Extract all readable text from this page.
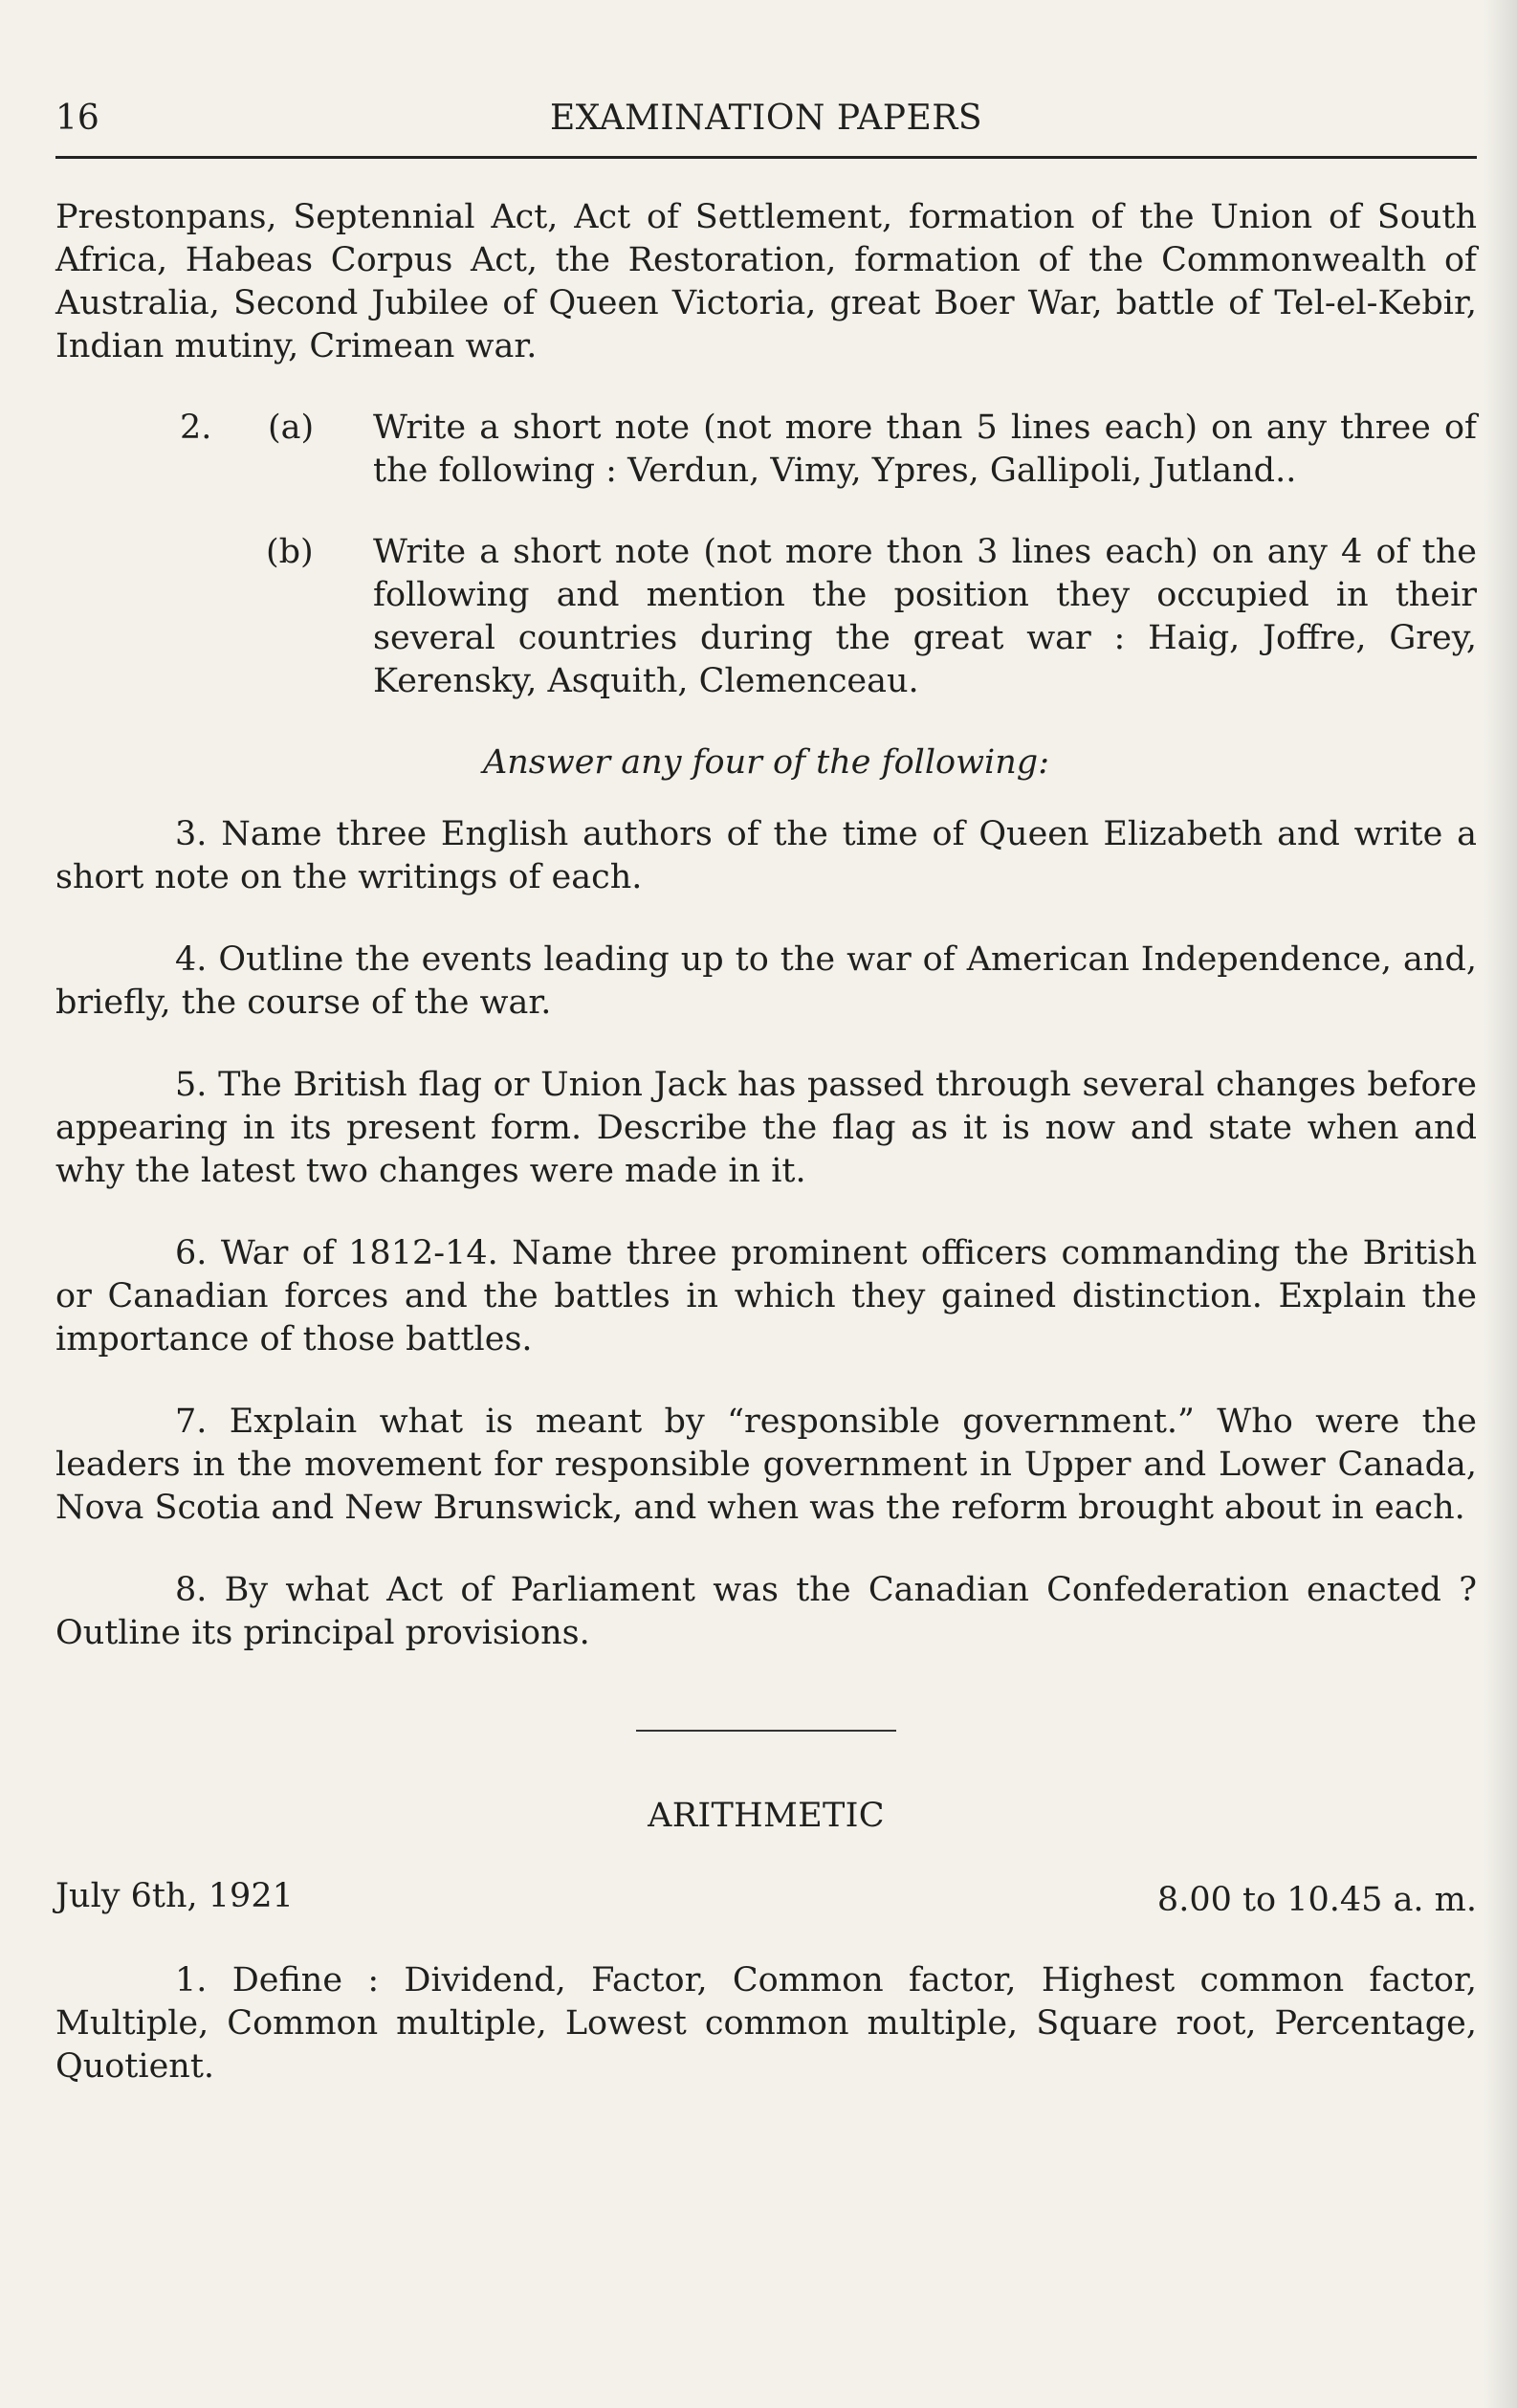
16	EXAMINATION PAPERS

Prestonpans, Septennial Act, Act of Settlement, formation of the Union of South Africa, Habeas Corpus Act, the Restoration, formation of the Commonwealth of Australia, Second Jubilee of Queen Victoria, great Boer War, battle of Tel-el-Kebir, Indian mutiny, Crimean war.

2. (a) Write a short note (not more than 5 lines each) on any three of the following : Verdun, Vimy, Ypres, Gallipoli, Jutland..

(b) Write a short note (not more thon 3 lines each) on any 4 of the following and mention the position they occupied in their several countries during the great war : Haig, Joffre, Grey, Kerensky, Asquith, Clemenceau.

Answer any four of the following:

3. Name three English authors of the time of Queen Elizabeth and write a short note on the writings of each.

4. Outline the events leading up to the war of American Independence, and, briefly, the course of the war.

5. The British flag or Union Jack has passed through several changes before appearing in its present form. Describe the flag as it is now and state when and why the latest two changes were made in it.

6. War of 1812-14. Name three prominent officers commanding the British or Canadian forces and the battles in which they gained distinction. Explain the importance of those battles.

7. Explain what is meant by “responsible government.” Who were the leaders in the movement for responsible government in Upper and Lower Canada, Nova Scotia and New Brunswick, and when was the reform brought about in each.

8. By what Act of Parliament was the Canadian Confederation enacted ? Outline its principal provisions.

ARITHMETIC
July 6th, 1921	8.00 to 10.45 a. m.

1. Define : Dividend, Factor, Common factor, Highest common factor, Multiple, Common multiple, Lowest common multiple, Square root, Percentage, Quotient.
